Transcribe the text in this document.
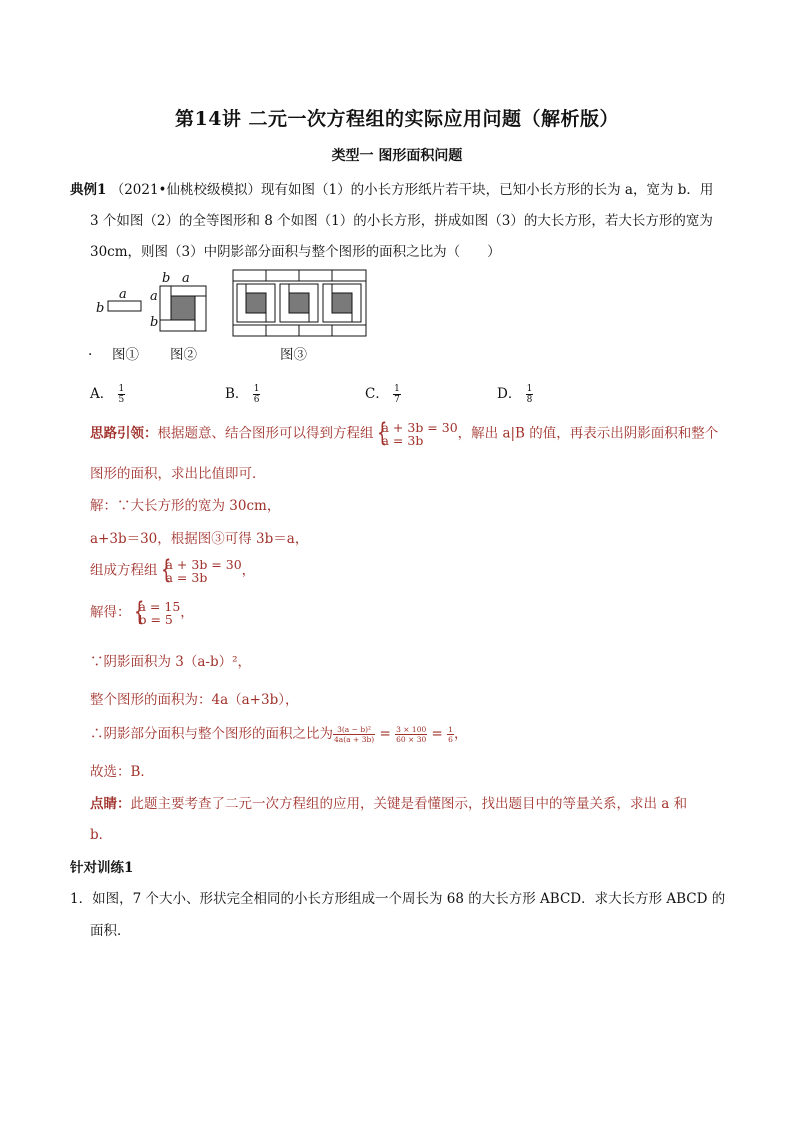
第14讲 二元一次方程组的实际应用问题（解析版）
类型一 图形面积问题
典例1 （2021•仙桃校级模拟）现有如图（1）的小长方形纸片若干块，已知小长方形的长为 a，宽为 b．用
3 个如图（2）的全等图形和 8 个如图（1）的小长方形，拼成如图（3）的大长方形，若大长方形的宽为
30cm，则图（3）中阴影部分面积与整个图形的面积之比为（　　）
a
b
b a
a
b
. 图① 图②	图③
A． $\frac{1}{5}$	B． $\frac{1}{6}$	C． $\frac{1}{7}$	D． $\frac{1}{8}$
思路引领：根据题意、结合图形可以得到方程组 {
a + 3b = 30
a = 3b	，解出 a|B 的值，再表示出阴影面积和整个
图形的面积，求出比值即可．
解：∵大长方形的宽为 30cm，
a+3b＝30，根据图③可得 3b＝a，
组成方程组 {
a + 3b = 30
a = 3b	，
解得： {
a = 15
b = 5 ，
∵阴影面积为 3（a-b）²，
整个图形的面积为：4a（a+3b），
∴阴影部分面积与整个图形的面积之比为 $\frac{\text{3(a − b)²}}{4a(a + 3b)} = \frac{3 \times 100}{60 \times 30} = \frac{1}{6}$ ，
故选：B．
点睛：此题主要考查了二元一次方程组的应用，关键是看懂图示，找出题目中的等量关系，求出 a 和
b．
针对训练1
1．如图，7 个大小、形状完全相同的小长方形组成一个周长为 68 的大长方形 ABCD．求大长方形 ABCD 的
面积．
